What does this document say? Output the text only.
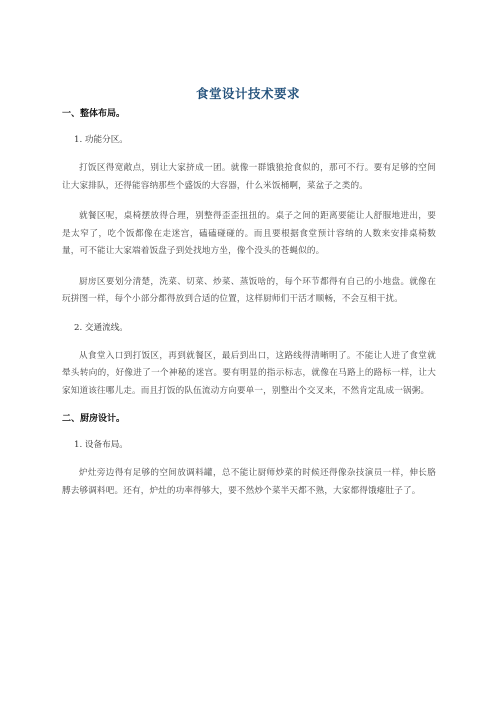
食堂设计技术要求
一、整体布局。
1. 功能分区。

打饭区得宽敞点，别让大家挤成一团。就像一群饿狼抢食似的，那可不行。要有足够的空间让大家排队，还得能容纳那些个盛饭的大容器，什么米饭桶啊，菜盆子之类的。

就餐区呢，桌椅摆放得合理，别整得歪歪扭扭的。桌子之间的距离要能让人舒服地进出，要是太窄了，吃个饭都像在走迷宫，磕磕碰碰的。而且要根据食堂预计容纳的人数来安排桌椅数量，可不能让大家端着饭盘子到处找地方坐，像个没头的苍蝇似的。

厨房区要划分清楚，洗菜、切菜、炒菜、蒸饭啥的，每个环节都得有自己的小地盘。就像在玩拼图一样，每个小部分都得放到合适的位置，这样厨师们干活才顺畅，不会互相干扰。

2. 交通流线。

从食堂入口到打饭区，再到就餐区，最后到出口，这路线得清晰明了。不能让人进了食堂就晕头转向的，好像进了一个神秘的迷宫。要有明显的指示标志，就像在马路上的路标一样，让大家知道该往哪儿走。而且打饭的队伍流动方向要单一，别整出个交叉来，不然肯定乱成一锅粥。

二、厨房设计。
1. 设备布局。

炉灶旁边得有足够的空间放调料罐，总不能让厨师炒菜的时候还得像杂技演员一样，伸长胳膊去够调料吧。还有，炉灶的功率得够大，要不然炒个菜半天都不熟，大家都得饿瘪肚子了。
